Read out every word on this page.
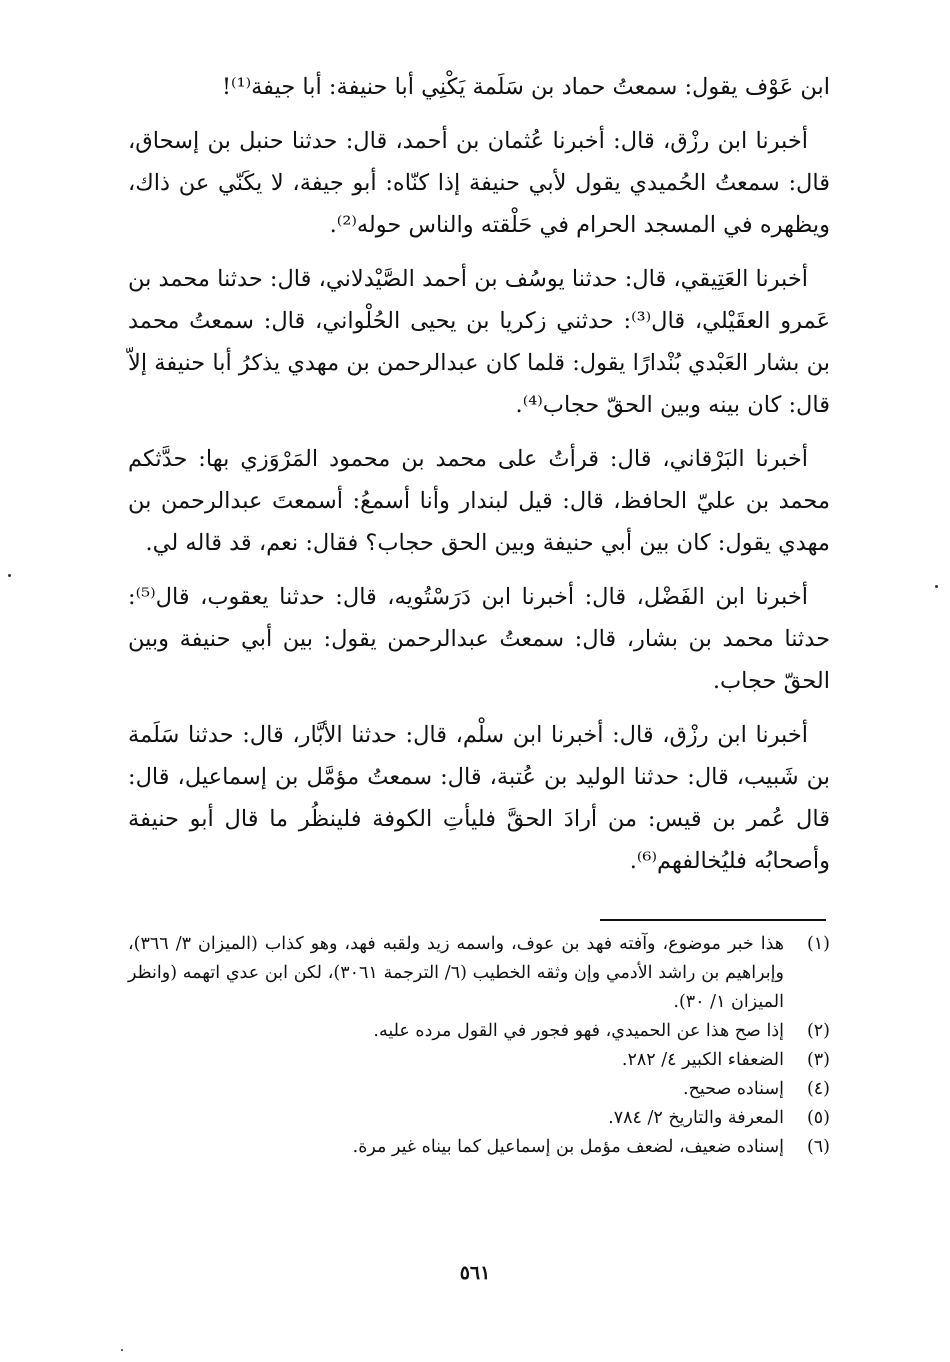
ابن عَوْف يقول: سمعتُ حماد بن سَلَمة يَكْنِي أبا حنيفة: أبا جيفة⁽¹⁾!

أخبرنا ابن رزْق، قال: أخبرنا عُثمان بن أحمد، قال: حدثنا حنبل بن إسحاق، قال: سمعتُ الحُميدي يقول لأبي حنيفة إذا كنّاه: أبو جيفة، لا يكَنّي عن ذاك، ويظهره في المسجد الحرام في حَلْقته والناس حوله⁽²⁾.

أخبرنا العَتِيقي، قال: حدثنا يوسُف بن أحمد الصَّيْدلاني، قال: حدثنا محمد بن عَمرو العقَيْلي، قال⁽³⁾: حدثني زكريا بن يحيى الحُلْواني، قال: سمعتُ محمد بن بشار العَبْدي بُنْدارًا يقول: قلما كان عبدالرحمن بن مهدي يذكرُ أبا حنيفة إلاّ قال: كان بينه وبين الحقّ حجاب⁽⁴⁾.

أخبرنا البَرْقاني، قال: قرأتُ على محمد بن محمود المَرْوَزي بها: حدَّثكم محمد بن عليّ الحافظ، قال: قيل لبندار وأنا أسمعُ: أسمعتَ عبدالرحمن بن مهدي يقول: كان بين أبي حنيفة وبين الحق حجاب؟ فقال: نعم، قد قاله لي.

أخبرنا ابن الفَضْل، قال: أخبرنا ابن دَرَسْتُويه، قال: حدثنا يعقوب، قال⁽⁵⁾: حدثنا محمد بن بشار، قال: سمعتُ عبدالرحمن يقول: بين أبي حنيفة وبين الحقّ حجاب.

أخبرنا ابن رزْق، قال: أخبرنا ابن سلْم، قال: حدثنا الأبَّار، قال: حدثنا سَلَمة بن شَبيب، قال: حدثنا الوليد بن عُتبة، قال: سمعتُ مؤمَّل بن إسماعيل، قال: قال عُمر بن قيس: من أرادَ الحقَّ فليأتِ الكوفة فلينظُر ما قال أبو حنيفة وأصحابُه فليُخالفهم⁽⁶⁾.

(١)
هذا خبر موضوع، وآفته فهد بن عوف، واسمه زيد ولقبه فهد، وهو كذاب (الميزان ٣/ ٣٦٦)، وإبراهيم بن راشد الأدمي وإن وثقه الخطيب (٦/ الترجمة ٣٠٦١)، لكن ابن عدي اتهمه (وانظر الميزان ١/ ٣٠).
(٢)
إذا صح هذا عن الحميدي، فهو فجور في القول مرده عليه.
(٣)
الضعفاء الكبير ٤/ ٢٨٢.
(٤)
إسناده صحيح.
(٥)
المعرفة والتاريخ ٢/ ٧٨٤.
(٦)
إسناده ضعيف، لضعف مؤمل بن إسماعيل كما بيناه غير مرة.
٥٦١
